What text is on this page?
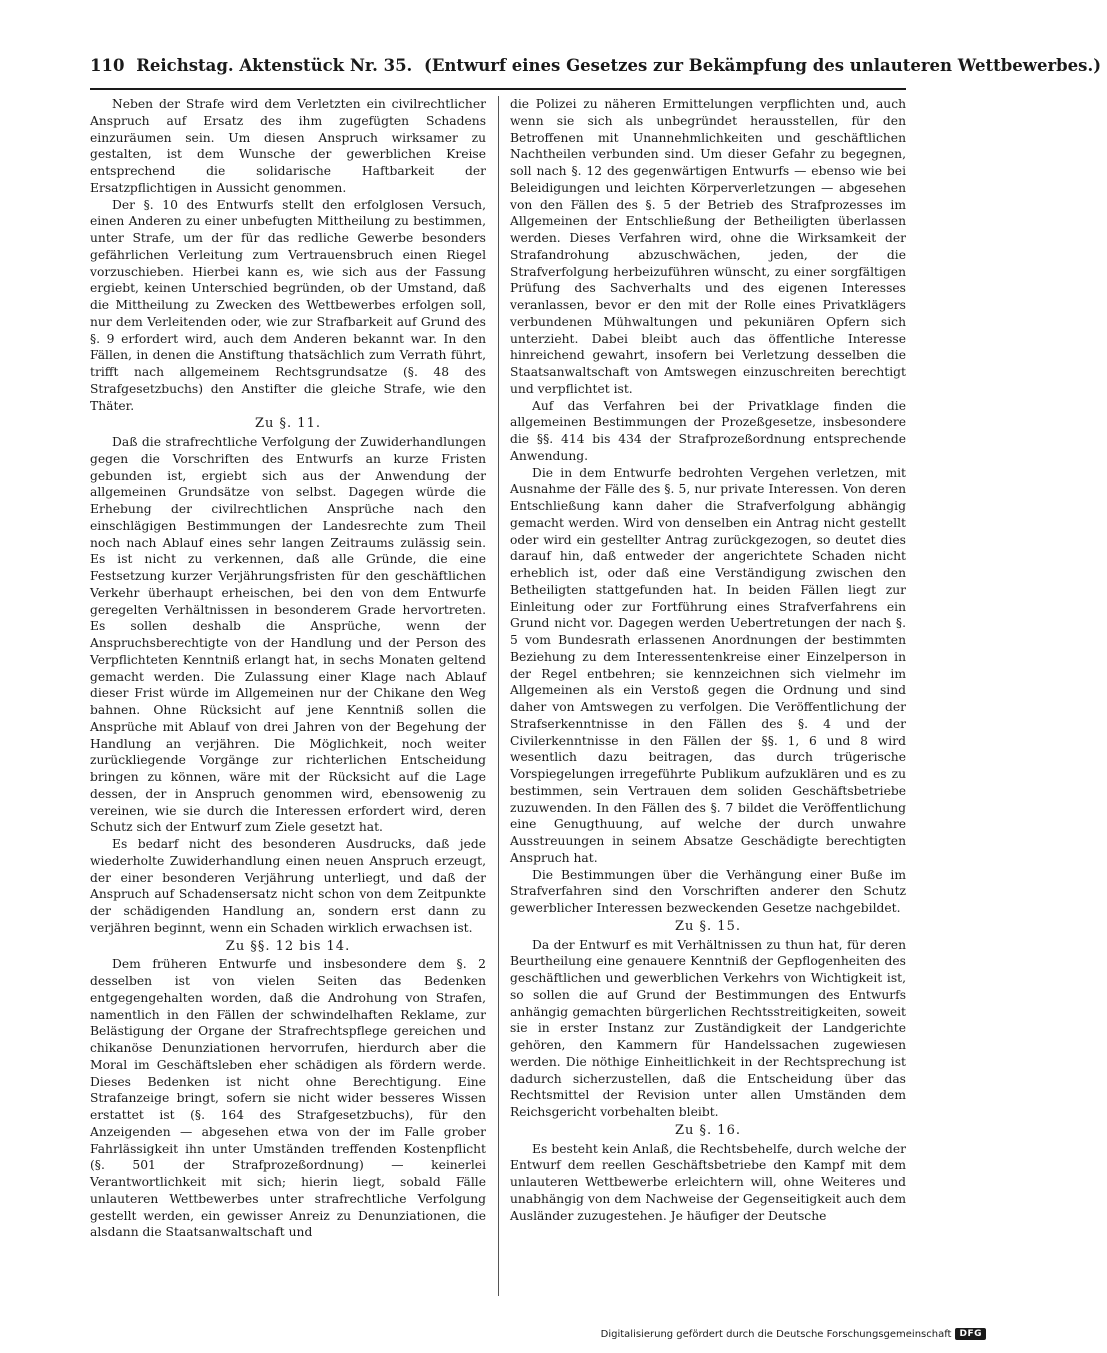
110 Reichstag. Aktenstück Nr. 35. (Entwurf eines Gesetzes zur Bekämpfung des unlauteren Wettbewerbes.)

Neben der Strafe wird dem Verletzten ein civilrechtlicher Anspruch auf Ersatz des ihm zugefügten Schadens einzuräumen sein. Um diesen Anspruch wirksamer zu gestalten, ist dem Wunsche der gewerblichen Kreise entsprechend die solidarische Haftbarkeit der Ersatzpflichtigen in Aussicht genommen.

Der §. 10 des Entwurfs stellt den erfolglosen Versuch, einen Anderen zu einer unbefugten Mittheilung zu bestimmen, unter Strafe, um der für das redliche Gewerbe besonders gefährlichen Verleitung zum Vertrauensbruch einen Riegel vorzuschieben. Hierbei kann es, wie sich aus der Fassung ergiebt, keinen Unterschied begründen, ob der Umstand, daß die Mittheilung zu Zwecken des Wettbewerbes erfolgen soll, nur dem Verleitenden oder, wie zur Strafbarkeit auf Grund des §. 9 erfordert wird, auch dem Anderen bekannt war. In den Fällen, in denen die Anstiftung thatsächlich zum Verrath führt, trifft nach allgemeinem Rechtsgrundsatze (§. 48 des Strafgesetzbuchs) den Anstifter die gleiche Strafe, wie den Thäter.

Zu §. 11.

Daß die strafrechtliche Verfolgung der Zuwiderhandlungen gegen die Vorschriften des Entwurfs an kurze Fristen gebunden ist, ergiebt sich aus der Anwendung der allgemeinen Grundsätze von selbst. Dagegen würde die Erhebung der civilrechtlichen Ansprüche nach den einschlägigen Bestimmungen der Landesrechte zum Theil noch nach Ablauf eines sehr langen Zeitraums zulässig sein. Es ist nicht zu verkennen, daß alle Gründe, die eine Festsetzung kurzer Verjährungsfristen für den geschäftlichen Verkehr überhaupt erheischen, bei den von dem Entwurfe geregelten Verhältnissen in besonderem Grade hervortreten. Es sollen deshalb die Ansprüche, wenn der Anspruchsberechtigte von der Handlung und der Person des Verpflichteten Kenntniß erlangt hat, in sechs Monaten geltend gemacht werden. Die Zulassung einer Klage nach Ablauf dieser Frist würde im Allgemeinen nur der Chikane den Weg bahnen. Ohne Rücksicht auf jene Kenntniß sollen die Ansprüche mit Ablauf von drei Jahren von der Begehung der Handlung an verjähren. Die Möglichkeit, noch weiter zurückliegende Vorgänge zur richterlichen Entscheidung bringen zu können, wäre mit der Rücksicht auf die Lage dessen, der in Anspruch genommen wird, ebensowenig zu vereinen, wie sie durch die Interessen erfordert wird, deren Schutz sich der Entwurf zum Ziele gesetzt hat.

Es bedarf nicht des besonderen Ausdrucks, daß jede wiederholte Zuwiderhandlung einen neuen Anspruch erzeugt, der einer besonderen Verjährung unterliegt, und daß der Anspruch auf Schadensersatz nicht schon von dem Zeitpunkte der schädigenden Handlung an, sondern erst dann zu verjähren beginnt, wenn ein Schaden wirklich erwachsen ist.

Zu §§. 12 bis 14.

Dem früheren Entwurfe und insbesondere dem §. 2 desselben ist von vielen Seiten das Bedenken entgegengehalten worden, daß die Androhung von Strafen, namentlich in den Fällen der schwindelhaften Reklame, zur Belästigung der Organe der Strafrechtspflege gereichen und chikanöse Denunziationen hervorrufen, hierdurch aber die Moral im Geschäftsleben eher schädigen als fördern werde. Dieses Bedenken ist nicht ohne Berechtigung. Eine Strafanzeige bringt, sofern sie nicht wider besseres Wissen erstattet ist (§. 164 des Strafgesetzbuchs), für den Anzeigenden — abgesehen etwa von der im Falle grober Fahrlässigkeit ihn unter Umständen treffenden Kostenpflicht (§. 501 der Strafprozeßordnung) — keinerlei Verantwortlichkeit mit sich; hierin liegt, sobald Fälle unlauteren Wettbewerbes unter strafrechtliche Verfolgung gestellt werden, ein gewisser Anreiz zu Denunziationen, die alsdann die Staatsanwaltschaft und

die Polizei zu näheren Ermittelungen verpflichten und, auch wenn sie sich als unbegründet herausstellen, für den Betroffenen mit Unannehmlichkeiten und geschäftlichen Nachtheilen verbunden sind. Um dieser Gefahr zu begegnen, soll nach §. 12 des gegenwärtigen Entwurfs — ebenso wie bei Beleidigungen und leichten Körperverletzungen — abgesehen von den Fällen des §. 5 der Betrieb des Strafprozesses im Allgemeinen der Entschließung der Betheiligten überlassen werden. Dieses Verfahren wird, ohne die Wirksamkeit der Strafandrohung abzuschwächen, jeden, der die Strafverfolgung herbeizuführen wünscht, zu einer sorgfältigen Prüfung des Sachverhalts und des eigenen Interesses veranlassen, bevor er den mit der Rolle eines Privatklägers verbundenen Mühwaltungen und pekuniären Opfern sich unterzieht. Dabei bleibt auch das öffentliche Interesse hinreichend gewahrt, insofern bei Verletzung desselben die Staatsanwaltschaft von Amtswegen einzuschreiten berechtigt und verpflichtet ist.

Auf das Verfahren bei der Privatklage finden die allgemeinen Bestimmungen der Prozeßgesetze, insbesondere die §§. 414 bis 434 der Strafprozeßordnung entsprechende Anwendung.

Die in dem Entwurfe bedrohten Vergehen verletzen, mit Ausnahme der Fälle des §. 5, nur private Interessen. Von deren Entschließung kann daher die Strafverfolgung abhängig gemacht werden. Wird von denselben ein Antrag nicht gestellt oder wird ein gestellter Antrag zurückgezogen, so deutet dies darauf hin, daß entweder der angerichtete Schaden nicht erheblich ist, oder daß eine Verständigung zwischen den Betheiligten stattgefunden hat. In beiden Fällen liegt zur Einleitung oder zur Fortführung eines Strafverfahrens ein Grund nicht vor. Dagegen werden Uebertretungen der nach §. 5 vom Bundesrath erlassenen Anordnungen der bestimmten Beziehung zu dem Interessentenkreise einer Einzelperson in der Regel entbehren; sie kennzeichnen sich vielmehr im Allgemeinen als ein Verstoß gegen die Ordnung und sind daher von Amtswegen zu verfolgen. Die Veröffentlichung der Strafserkenntnisse in den Fällen des §. 4 und der Civilerkenntnisse in den Fällen der §§. 1, 6 und 8 wird wesentlich dazu beitragen, das durch trügerische Vorspiegelungen irregeführte Publikum aufzuklären und es zu bestimmen, sein Vertrauen dem soliden Geschäftsbetriebe zuzuwenden. In den Fällen des §. 7 bildet die Veröffentlichung eine Genugthuung, auf welche der durch unwahre Ausstreuungen in seinem Absatze Geschädigte berechtigten Anspruch hat.

Die Bestimmungen über die Verhängung einer Buße im Strafverfahren sind den Vorschriften anderer den Schutz gewerblicher Interessen bezweckenden Gesetze nachgebildet.

Zu §. 15.

Da der Entwurf es mit Verhältnissen zu thun hat, für deren Beurtheilung eine genauere Kenntniß der Gepflogenheiten des geschäftlichen und gewerblichen Verkehrs von Wichtigkeit ist, so sollen die auf Grund der Bestimmungen des Entwurfs anhängig gemachten bürgerlichen Rechtsstreitigkeiten, soweit sie in erster Instanz zur Zuständigkeit der Landgerichte gehören, den Kammern für Handelssachen zugewiesen werden. Die nöthige Einheitlichkeit in der Rechtsprechung ist dadurch sicherzustellen, daß die Entscheidung über das Rechtsmittel der Revision unter allen Umständen dem Reichsgericht vorbehalten bleibt.

Zu §. 16.

Es besteht kein Anlaß, die Rechtsbehelfe, durch welche der Entwurf dem reellen Geschäftsbetriebe den Kampf mit dem unlauteren Wettbewerbe erleichtern will, ohne Weiteres und unabhängig von dem Nachweise der Gegenseitigkeit auch dem Ausländer zuzugestehen. Je häufiger der Deutsche

Digitalisierung gefördert durch die Deutsche Forschungsgemeinschaft DFG
